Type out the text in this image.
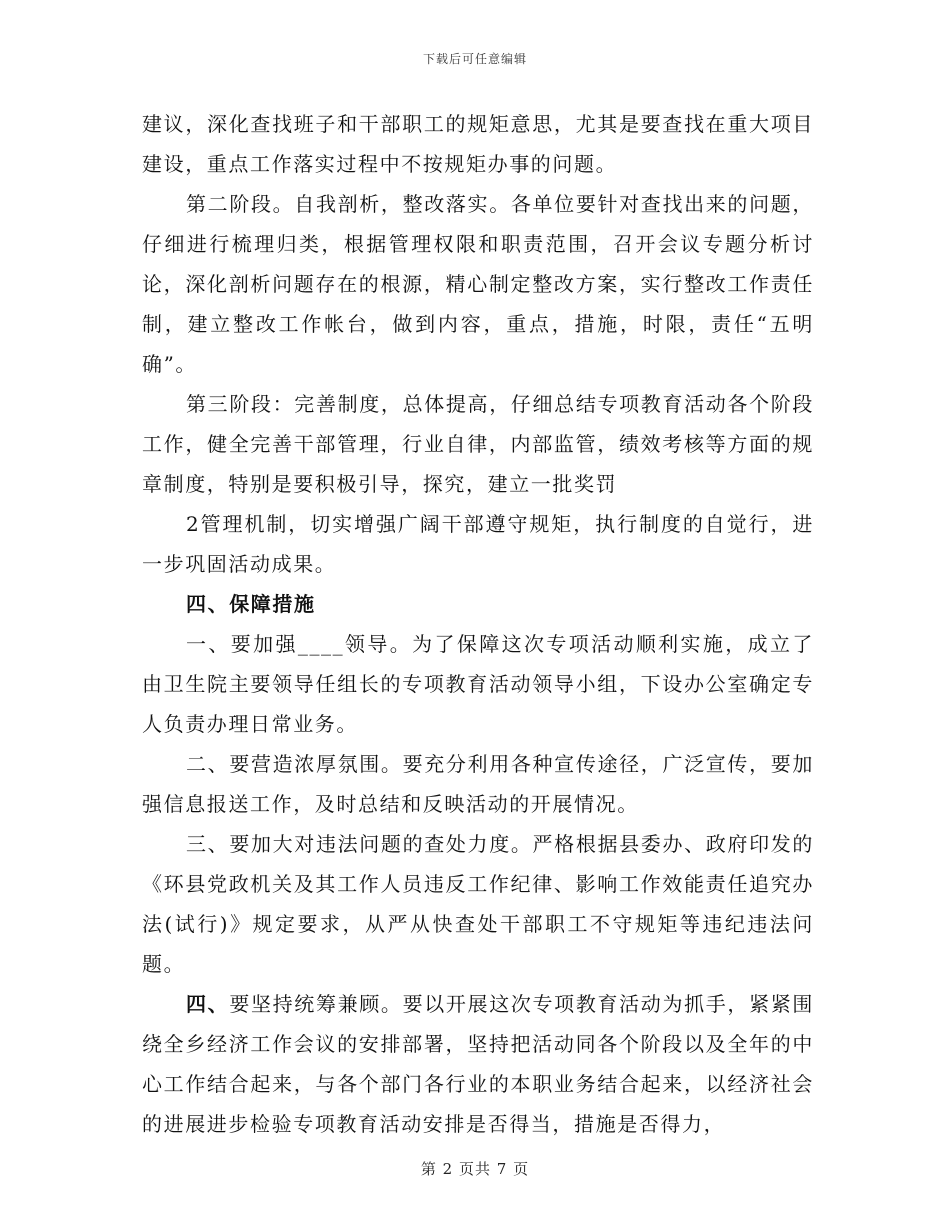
下载后可任意编辑

建议，深化查找班子和干部职工的规矩意思，尤其是要查找在重大项目建设，重点工作落实过程中不按规矩办事的问题。

第二阶段。自我剖析，整改落实。各单位要针对查找出来的问题，仔细进行梳理归类，根据管理权限和职责范围，召开会议专题分析讨论，深化剖析问题存在的根源，精心制定整改方案，实行整改工作责任制，建立整改工作帐台，做到内容，重点，措施，时限，责任“五明确”。

第三阶段：完善制度，总体提高，仔细总结专项教育活动各个阶段工作，健全完善干部管理，行业自律，内部监管，绩效考核等方面的规章制度，特别是要积极引导，探究，建立一批奖罚

2管理机制，切实增强广阔干部遵守规矩，执行制度的自觉行，进一步巩固活动成果。

四、保障措施

一、要加强____领导。为了保障这次专项活动顺利实施，成立了由卫生院主要领导任组长的专项教育活动领导小组，下设办公室确定专人负责办理日常业务。

二、要营造浓厚氛围。要充分利用各种宣传途径，广泛宣传，要加强信息报送工作，及时总结和反映活动的开展情况。

三、要加大对违法问题的查处力度。严格根据县委办、政府印发的《环县党政机关及其工作人员违反工作纪律、影响工作效能责任追究办法(试行)》规定要求，从严从快查处干部职工不守规矩等违纪违法问题。

四、要坚持统筹兼顾。要以开展这次专项教育活动为抓手，紧紧围绕全乡经济工作会议的安排部署，坚持把活动同各个阶段以及全年的中心工作结合起来，与各个部门各行业的本职业务结合起来，以经济社会的进展进步检验专项教育活动安排是否得当，措施是否得力，

第 2 页共 7 页
